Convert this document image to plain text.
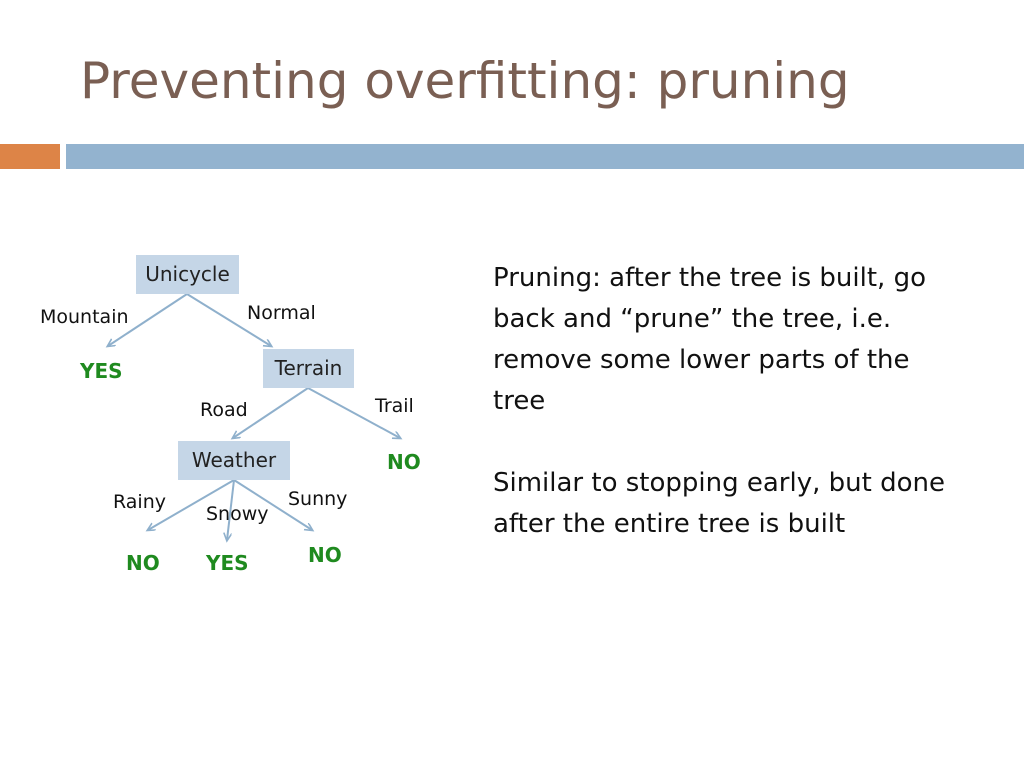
Preventing overfitting: pruning
Unicycle
Terrain
Weather
Mountain	Normal
Road	Trail
Rainy
Snowy
Sunny
YES
NO
NO YES	NO

Pruning: after the tree is built, go back and “prune” the tree, i.e. remove some lower parts of the tree

Similar to stopping early, but done after the entire tree is built
